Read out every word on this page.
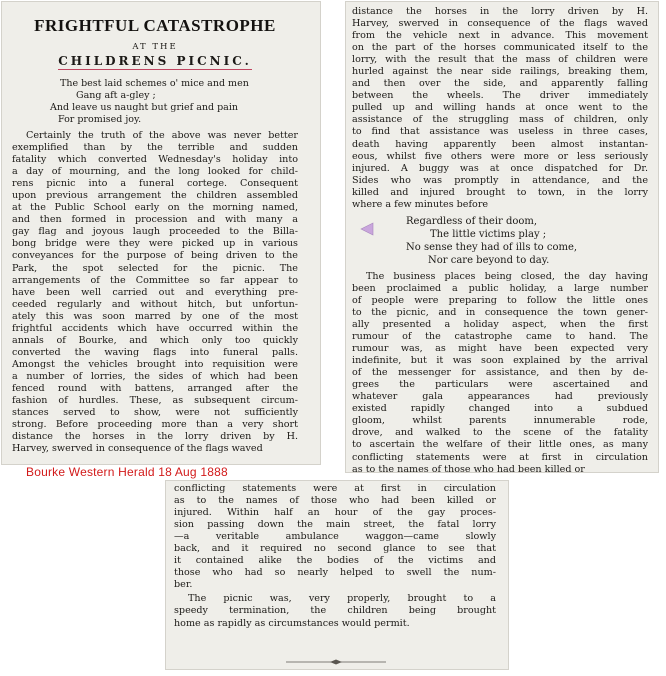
FRIGHTFUL CATASTROPHE
AT THE
CHILDRENS PICNIC.
The best laid schemes o' mice and men
Gang aft a-gley ;
And leave us naught but grief and pain
For promised joy.
Certainly the truth of the above was never better
exemplified than by the terrible and sudden
fatality which converted Wednesday's holiday into
a day of mourning, and the long looked for child-
rens picnic into a funeral cortege. Consequent
upon previous arrangement the children assembled
at the Public School early on the morning named,
and then formed in procession and with many a
gay flag and joyous laugh proceeded to the Billa-
bong bridge were they were picked up in various
conveyances for the purpose of being driven to the
Park, the spot selected for the picnic. The
arrangements of the Committee so far appear to
have been well carried out and everything pre-
ceeded regularly and without hitch, but unfortun-
ately this was soon marred by one of the most
frightful accidents which have occurred within the
annals of Bourke, and which only too quickly
converted the waving flags into funeral palls.
Amongst the vehicles brought into requisition were
a number of lorries, the sides of which had been
fenced round with battens, arranged after the
fashion of hurdles. These, as subsequent circum-
stances served to show, were not sufficiently
strong. Before proceeding more than a very short
distance the horses in the lorry driven by H.
Harvey, swerved in consequence of the flags waved
Bourke Western Herald 18 Aug 1888
distance the horses in the lorry driven by H.
Harvey, swerved in consequence of the flags waved
from the vehicle next in advance. This movement
on the part of the horses communicated itself to the
lorry, with the result that the mass of children were
hurled against the near side railings, breaking them,
and then over the side, and apparently falling
between the wheels. The driver immediately
pulled up and willing hands at once went to the
assistance of the struggling mass of children, only
to find that assistance was useless in three cases,
death having apparently been almost instantan-
eous, whilst five others were more or less seriously
injured. A buggy was at once dispatched for Dr.
Sides who was promptly in attendance, and the
killed and injured brought to town, in the lorry
where a few minutes before
Regardless of their doom,
The little victims play ;
No sense they had of ills to come,
Nor care beyond to day.
The business places being closed, the day having
been proclaimed a public holiday, a large number
of people were preparing to follow the little ones
to the picnic, and in consequence the town gener-
ally presented a holiday aspect, when the first
rumour of the catastrophe came to hand. The
rumour was, as might have been expected very
indefinite, but it was soon explained by the arrival
of the messenger for assistance, and then by de-
grees the particulars were ascertained and
whatever gala appearances had previously
existed rapidly changed into a subdued
gloom, whilst parents innumerable rode,
drove, and walked to the scene of the fatality
to ascertain the welfare of their little ones, as many
conflicting statements were at first in circulation
as to the names of those who had been killed or
conflicting statements were at first in circulation
as to the names of those who had been killed or
injured. Within half an hour of the gay proces-
sion passing down the main street, the fatal lorry
—a veritable ambulance waggon—came slowly
back, and it required no second glance to see that
it contained alike the bodies of the victims and
those who had so nearly helped to swell the num-
ber.
The picnic was, very properly, brought to a
speedy termination, the children being brought
home as rapidly as circumstances would permit.
